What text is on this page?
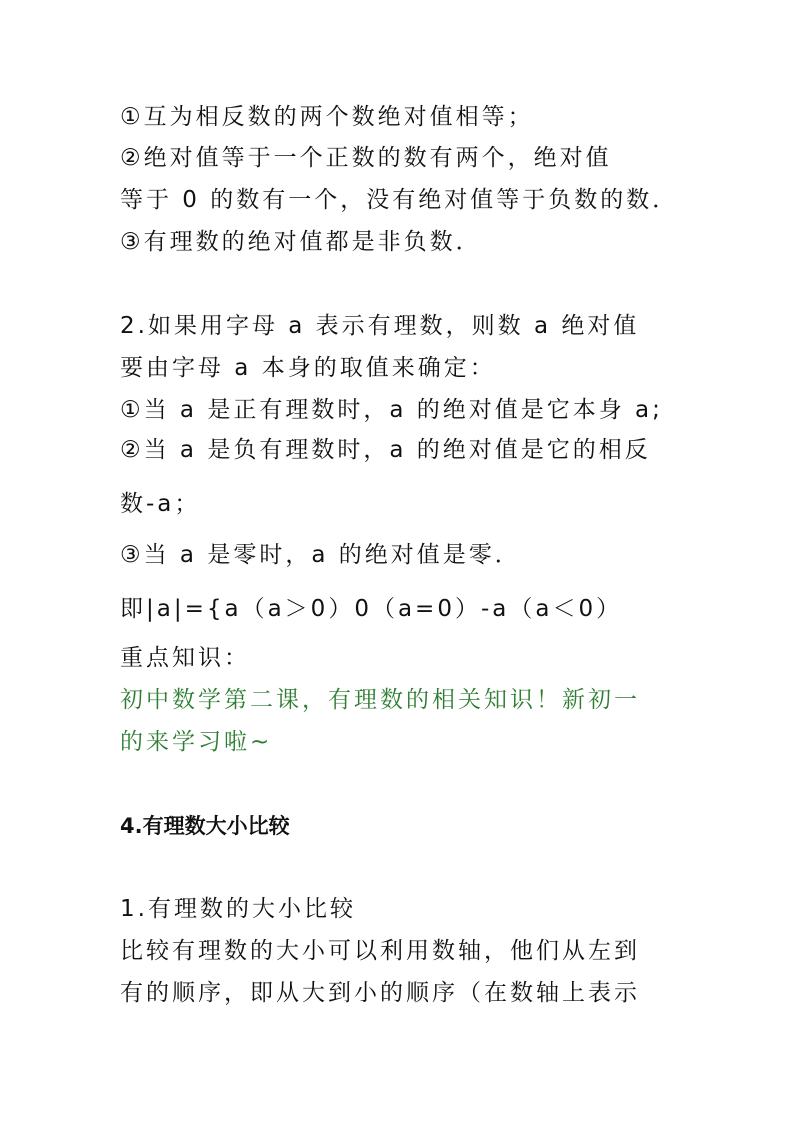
①互为相反数的两个数绝对值相等；
②绝对值等于一个正数的数有两个，绝对值
等于 0 的数有一个，没有绝对值等于负数的数．
③有理数的绝对值都是非负数．
2.如果用字母 a 表示有理数，则数 a 绝对值
要由字母 a 本身的取值来确定：
①当 a 是正有理数时，a 的绝对值是它本身 a;
②当 a 是负有理数时，a 的绝对值是它的相反
数-a；
③当 a 是零时，a 的绝对值是零．
即|a|={a（a＞0）0（a=0）-a（a＜0）
重点知识：
初中数学第二课，有理数的相关知识！新初一
的来学习啦~
4.有理数大小比较
1.有理数的大小比较
比较有理数的大小可以利用数轴，他们从左到
有的顺序，即从大到小的顺序（在数轴上表示
